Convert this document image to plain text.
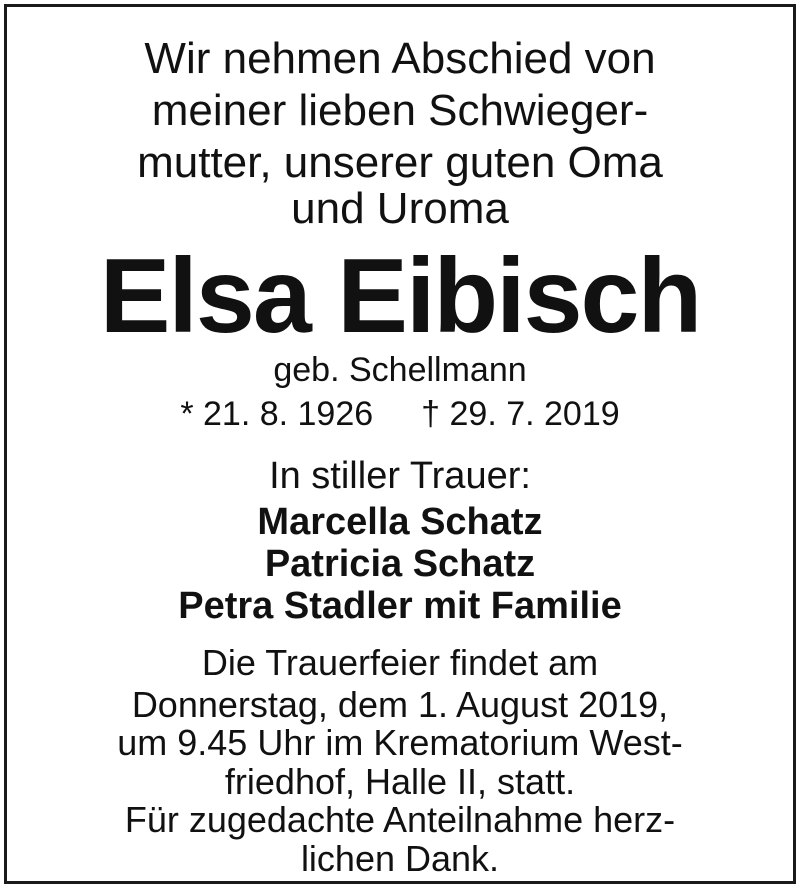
Wir nehmen Abschied von
meiner lieben Schwieger-
mutter, unserer guten Oma
und Uroma
Elsa Eibisch
geb. Schellmann
* 21. 8. 1926 † 29. 7. 2019
In stiller Trauer:
Marcella Schatz
Patricia Schatz
Petra Stadler mit Familie
Die Trauerfeier findet am
Donnerstag, dem 1. August 2019,
um 9.45 Uhr im Krematorium West-
friedhof, Halle II, statt.
Für zugedachte Anteilnahme herz-
lichen Dank.
